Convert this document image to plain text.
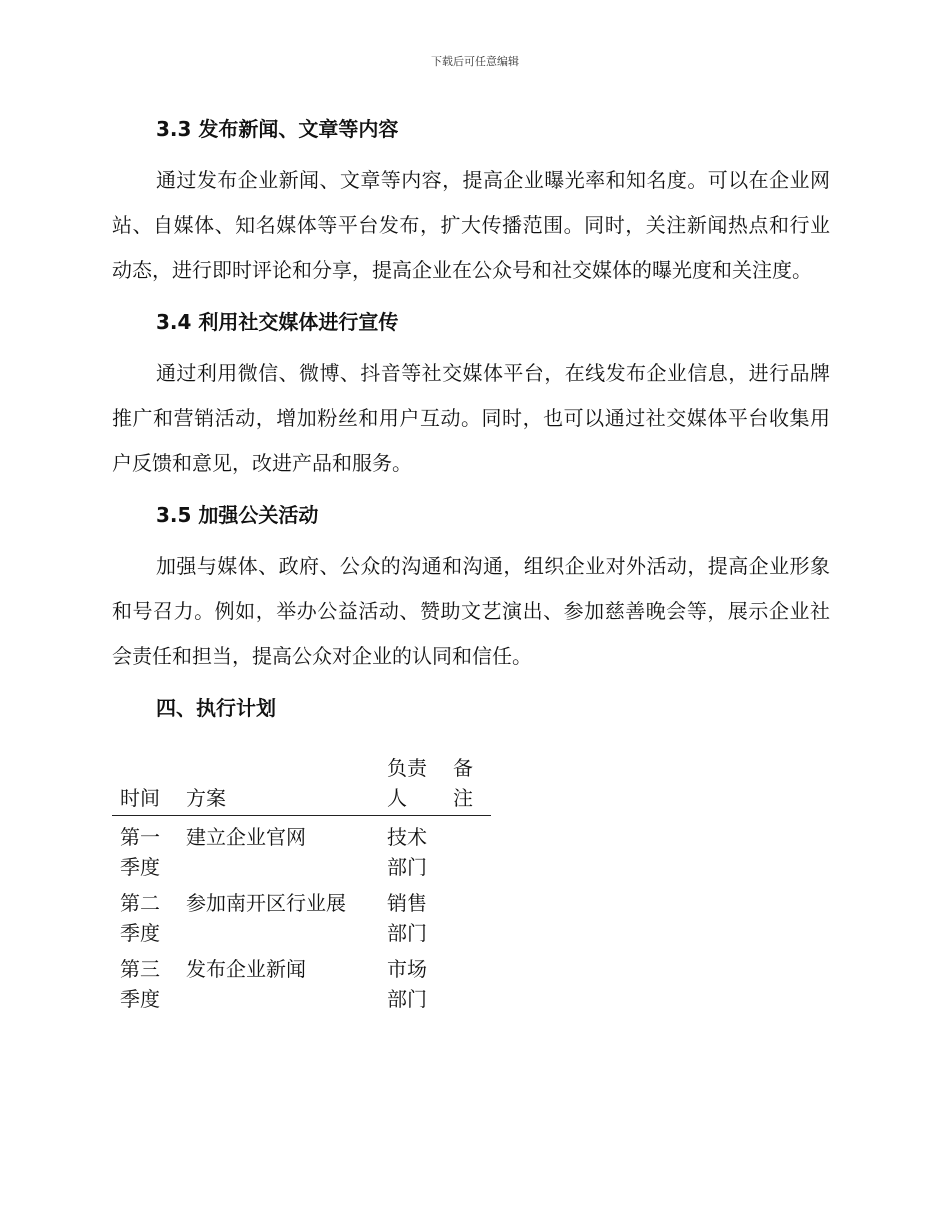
下载后可任意编辑
3.3 发布新闻、文章等内容

通过发布企业新闻、文章等内容，提高企业曝光率和知名度。可以在企业网站、自媒体、知名媒体等平台发布，扩大传播范围。同时，关注新闻热点和行业动态，进行即时评论和分享，提高企业在公众号和社交媒体的曝光度和关注度。

3.4 利用社交媒体进行宣传

通过利用微信、微博、抖音等社交媒体平台，在线发布企业信息，进行品牌推广和营销活动，增加粉丝和用户互动。同时，也可以通过社交媒体平台收集用户反馈和意见，改进产品和服务。

3.5 加强公关活动

加强与媒体、政府、公众的沟通和沟通，组织企业对外活动，提高企业形象和号召力。例如，举办公益活动、赞助文艺演出、参加慈善晚会等，展示企业社会责任和担当，提高公众对企业的认同和信任。

四、执行计划
时间	方案	负责人	备注
第一季度	建立企业官网	技术部门	
第二季度	参加南开区行业展	销售部门	
第三季度	发布企业新闻	市场部门	
